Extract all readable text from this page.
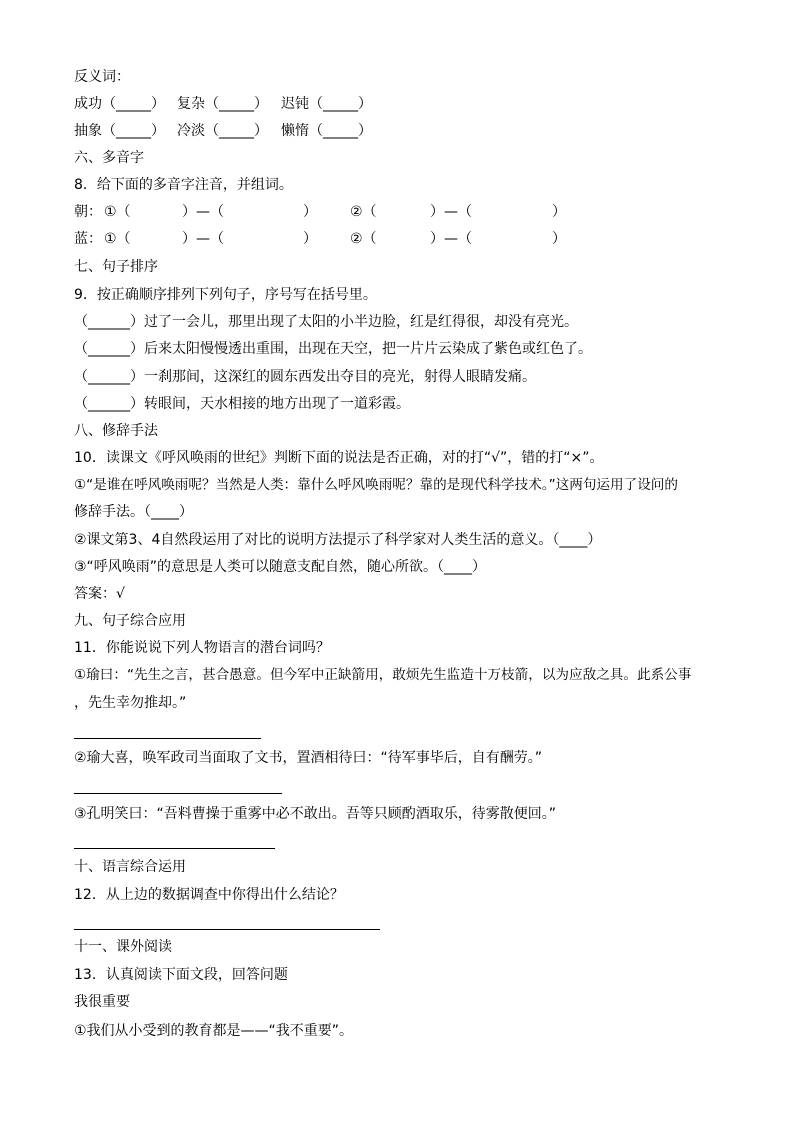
反义词：
成功（_____） 复杂（_____） 迟钝（_____）
抽象（_____） 冷淡（_____） 懒惰（_____）
六、多音字
8．给下面的多音字注音，并组词。
朝： ①（	）—（	） ②（	）—（	）
蓝： ①（	）—（	） ②（	）—（	）
七、句子排序
9．按正确顺序排列下列句子，序号写在括号里。
（______）过了一会儿，那里出现了太阳的小半边脸，红是红得很，却没有亮光。
（______）后来太阳慢慢透出重围，出现在天空，把一片片云染成了紫色或红色了。
（______）一刹那间，这深红的圆东西发出夺目的亮光，射得人眼睛发痛。
（______）转眼间，天水相接的地方出现了一道彩霞。
八、修辞手法
10．读课文《呼风唤雨的世纪》判断下面的说法是否正确，对的打“√”，错的打“×”。
①“是谁在呼风唤雨呢？当然是人类：靠什么呼风唤雨呢？靠的是现代科学技术。”这两句运用了设问的
修辞手法。（____）
②课文第3、4自然段运用了对比的说明方法提示了科学家对人类生活的意义。（____）
③“呼风唤雨”的意思是人类可以随意支配自然，随心所欲。（____）
答案：√
九、句子综合应用
11．你能说说下列人物语言的潜台词吗？
①瑜曰：“先生之言，甚合愚意。但今军中正缺箭用，敢烦先生监造十万枝箭，以为应敌之具。此系公事
，先生幸勿推却。”
②瑜大喜，唤军政司当面取了文书，置酒相待曰：“待军事毕后，自有酬劳。”
③孔明笑曰：“吾料曹操于重雾中必不敢出。吾等只顾酌酒取乐，待雾散便回。”
十、语言综合运用
12．从上边的数据调查中你得出什么结论？
十一、课外阅读
13．认真阅读下面文段，回答问题
我很重要
①我们从小受到的教育都是——“我不重要”。
